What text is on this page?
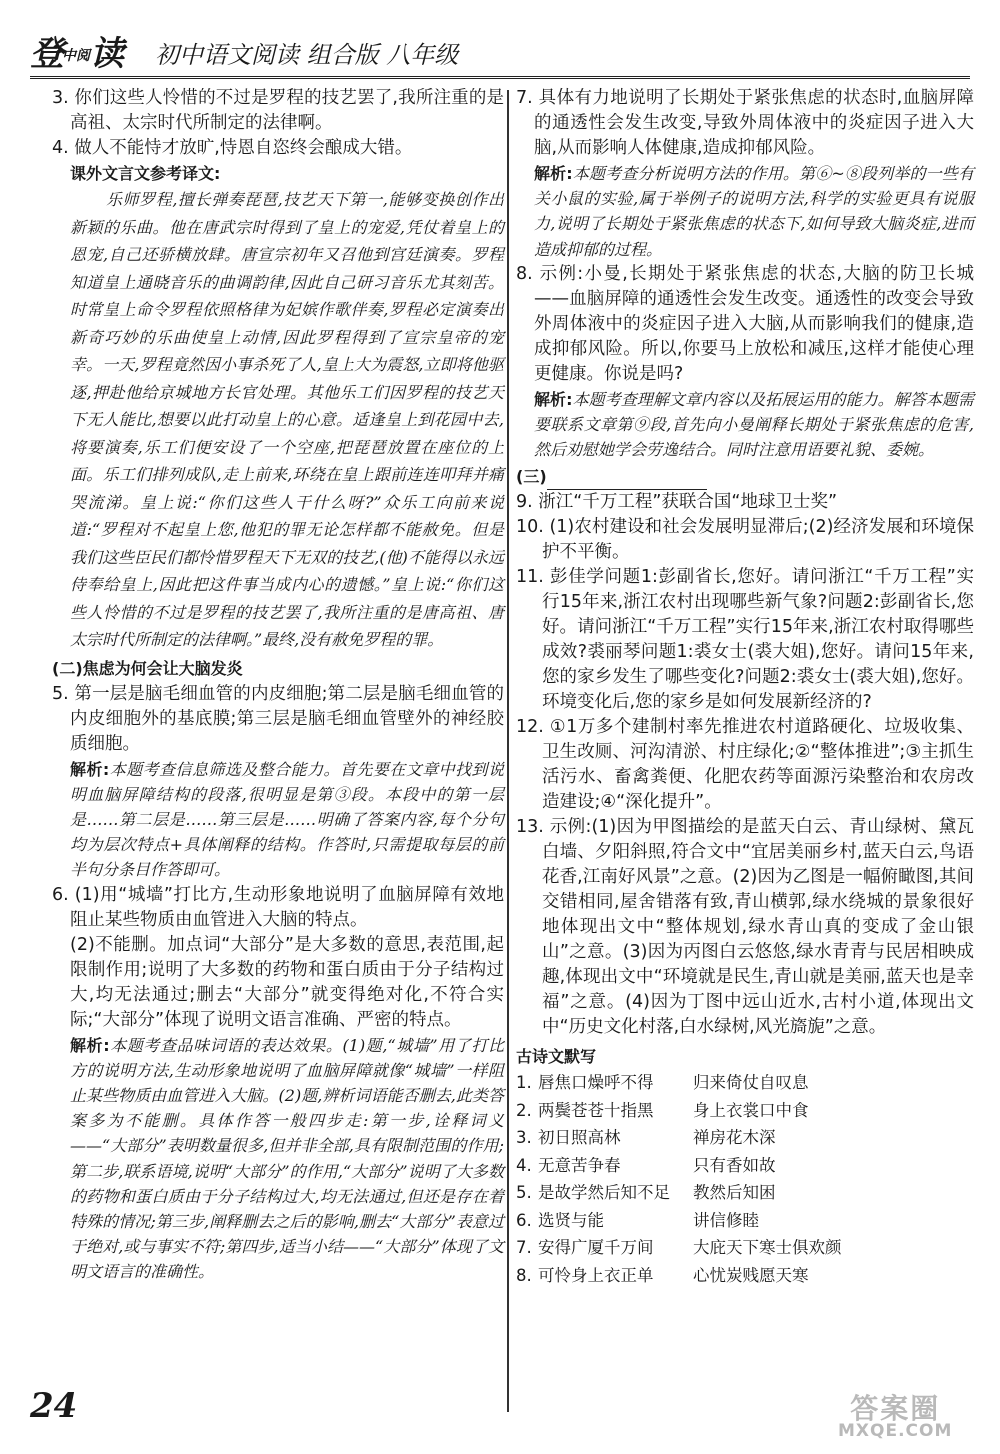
登中阅读 初中语文阅读 组合版 八年级

3. 你们这些人怜惜的不过是罗程的技艺罢了,我所注重的是高祖、太宗时代所制定的法律啊。

4. 做人不能恃才放旷,恃恩自恣终会酿成大错。

课外文言文参考译文:

乐师罗程,擅长弹奏琵琶,技艺天下第一,能够变换创作出新颖的乐曲。他在唐武宗时得到了皇上的宠爱,凭仗着皇上的恩宠,自己还骄横放肆。唐宣宗初年又召他到宫廷演奏。罗程知道皇上通晓音乐的曲调韵律,因此自己研习音乐尤其刻苦。时常皇上命令罗程依照格律为妃嫔作歌伴奏,罗程必定演奏出新奇巧妙的乐曲使皇上动情,因此罗程得到了宣宗皇帝的宠幸。一天,罗程竟然因小事杀死了人,皇上大为震怒,立即将他驱逐,押赴他给京城地方长官处理。其他乐工们因罗程的技艺天下无人能比,想要以此打动皇上的心意。适逢皇上到花园中去,将要演奏,乐工们便安设了一个空座,把琵琶放置在座位的上面。乐工们排列成队,走上前来,环绕在皇上跟前连连叩拜并痛哭流涕。皇上说:“你们这些人干什么呀?”众乐工向前来说道:“罗程对不起皇上您,他犯的罪无论怎样都不能赦免。但是我们这些臣民们都怜惜罗程天下无双的技艺,(他)不能得以永远侍奉给皇上,因此把这件事当成内心的遗憾。”皇上说:“你们这些人怜惜的不过是罗程的技艺罢了,我所注重的是唐高祖、唐太宗时代所制定的法律啊。”最终,没有赦免罗程的罪。

(二)焦虑为何会让大脑发炎

5. 第一层是脑毛细血管的内皮细胞;第二层是脑毛细血管的内皮细胞外的基底膜;第三层是脑毛细血管壁外的神经胶质细胞。

解析:本题考查信息筛选及整合能力。首先要在文章中找到说明血脑屏障结构的段落,很明显是第③段。本段中的第一层是……第二层是……第三层是……明确了答案内容,每个分句均为层次特点+具体阐释的结构。作答时,只需提取每层的前半句分条目作答即可。

6. (1)用“城墙”打比方,生动形象地说明了血脑屏障有效地阻止某些物质由血管进入大脑的特点。

(2)不能删。加点词“大部分”是大多数的意思,表范围,起限制作用;说明了大多数的药物和蛋白质由于分子结构过大,均无法通过;删去“大部分”就变得绝对化,不符合实际;“大部分”体现了说明文语言准确、严密的特点。

解析:本题考查品味词语的表达效果。(1)题,“城墙”用了打比方的说明方法,生动形象地说明了血脑屏障就像“城墙”一样阻止某些物质由血管进入大脑。(2)题,辨析词语能否删去,此类答案多为不能删。具体作答一般四步走:第一步,诠释词义——“大部分”表明数量很多,但并非全部,具有限制范围的作用;第二步,联系语境,说明“大部分”的作用,“大部分”说明了大多数的药物和蛋白质由于分子结构过大,均无法通过,但还是存在着特殊的情况;第三步,阐释删去之后的影响,删去“大部分”表意过于绝对,或与事实不符;第四步,适当小结——“大部分”体现了文明文语言的准确性。

7. 具体有力地说明了长期处于紧张焦虑的状态时,血脑屏障的通透性会发生改变,导致外周体液中的炎症因子进入大脑,从而影响人体健康,造成抑郁风险。

解析:本题考查分析说明方法的作用。第⑥~⑧段列举的一些有关小鼠的实验,属于举例子的说明方法,科学的实验更具有说服力,说明了长期处于紧张焦虑的状态下,如何导致大脑炎症,进而造成抑郁的过程。

8. 示例:小曼,长期处于紧张焦虑的状态,大脑的防卫长城——血脑屏障的通透性会发生改变。通透性的改变会导致外周体液中的炎症因子进入大脑,从而影响我们的健康,造成抑郁风险。所以,你要马上放松和减压,这样才能使心理更健康。你说是吗?

解析:本题考查理解文章内容以及拓展运用的能力。解答本题需要联系文章第⑨段,首先向小曼阐释长期处于紧张焦虑的危害,然后劝慰她学会劳逸结合。同时注意用语要礼貌、委婉。

(三)

9. 浙江“千万工程”获联合国“地球卫士奖”

10. (1)农村建设和社会发展明显滞后;(2)经济发展和环境保护不平衡。

11. 彭佳学问题1:彭副省长,您好。请问浙江“千万工程”实行15年来,浙江农村出现哪些新气象?问题2:彭副省长,您好。请问浙江“千万工程”实行15年来,浙江农村取得哪些成效?裘丽琴问题1:裘女士(裘大姐),您好。请问15年来,您的家乡发生了哪些变化?问题2:裘女士(裘大姐),您好。环境变化后,您的家乡是如何发展新经济的?

12. ①1万多个建制村率先推进农村道路硬化、垃圾收集、卫生改厕、河沟清淤、村庄绿化;②“整体推进”;③主抓生活污水、畜禽粪便、化肥农药等面源污染整治和农房改造建设;④“深化提升”。

13. 示例:(1)因为甲图描绘的是蓝天白云、青山绿树、黛瓦白墙、夕阳斜照,符合文中“宜居美丽乡村,蓝天白云,鸟语花香,江南好风景”之意。(2)因为乙图是一幅俯瞰图,其间交错相同,屋舍错落有致,青山横郭,绿水绕城的景象很好地体现出文中“整体规划,绿水青山真的变成了金山银山”之意。(3)因为丙图白云悠悠,绿水青青与民居相映成趣,体现出文中“环境就是民生,青山就是美丽,蓝天也是幸福”之意。(4)因为丁图中远山近水,古村小道,体现出文中“历史文化村落,白水绿树,风光旖旎”之意。

古诗文默写

1. 唇焦口燥呼不得 归来倚仗自叹息

2. 两鬓苍苍十指黑 身上衣裳口中食

3. 初日照高林	禅房花木深

4. 无意苦争春	只有香如故

5. 是故学然后知不足 教然后知困

6. 选贤与能	讲信修睦

7. 安得广厦千万间 大庇天下寒士俱欢颜

8. 可怜身上衣正单 心忧炭贱愿天寒

24	答案圈
MXQE.COM
